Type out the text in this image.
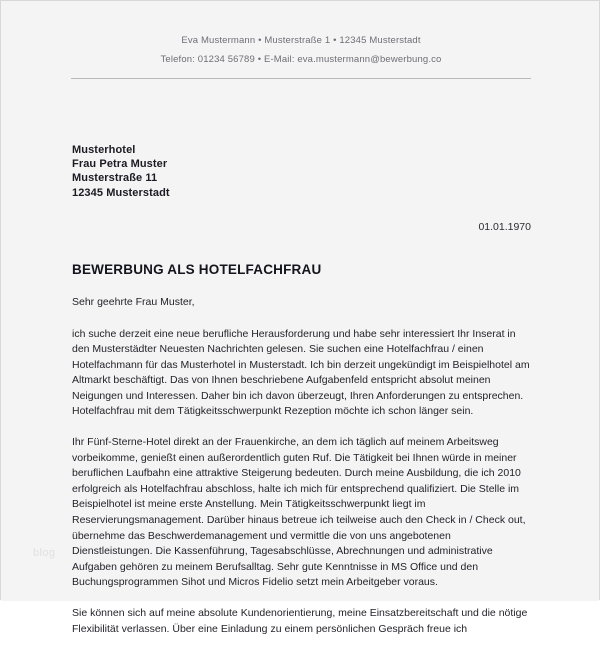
Eva Mustermann • Musterstraße 1 • 12345 Musterstadt
Telefon: 01234 56789 • E-Mail: eva.mustermann@bewerbung.co
Musterhotel
Frau Petra Muster
Musterstraße 11
12345 Musterstadt
01.01.1970
BEWERBUNG ALS HOTELFACHFRAU

Sehr geehrte Frau Muster,

ich suche derzeit eine neue berufliche Herausforderung und habe sehr interessiert Ihr Inserat in den Musterstädter Neuesten Nachrichten gelesen. Sie suchen eine Hotelfachfrau / einen Hotelfachmann für das Musterhotel in Musterstadt. Ich bin derzeit ungekündigt im Beispielhotel am Altmarkt beschäftigt. Das von Ihnen beschriebene Aufgabenfeld entspricht absolut meinen Neigungen und Interessen. Daher bin ich davon überzeugt, Ihren Anforderungen zu entsprechen. Hotelfachfrau mit dem Tätigkeitsschwerpunkt Rezeption möchte ich schon länger sein.

Ihr Fünf-Sterne-Hotel direkt an der Frauenkirche, an dem ich täglich auf meinem Arbeitsweg vorbeikomme, genießt einen außerordentlich guten Ruf. Die Tätigkeit bei Ihnen würde in meiner beruflichen Laufbahn eine attraktive Steigerung bedeuten. Durch meine Ausbildung, die ich 2010 erfolgreich als Hotelfachfrau abschloss, halte ich mich für entsprechend qualifiziert. Die Stelle im Beispielhotel ist meine erste Anstellung. Mein Tätigkeitsschwerpunkt liegt im Reservierungsmanagement. Darüber hinaus betreue ich teilweise auch den Check in / Check out, übernehme das Beschwerdemanagement und vermittle die von uns angebotenen Dienstleistungen. Die Kassenführung, Tagesabschlüsse, Abrechnungen und administrative Aufgaben gehören zu meinem Berufsalltag. Sehr gute Kenntnisse in MS Office und den Buchungsprogrammen Sihot und Micros Fidelio setzt mein Arbeitgeber voraus.

Sie können sich auf meine absolute Kundenorientierung, meine Einsatzbereitschaft und die nötige Flexibilität verlassen. Über eine Einladung zu einem persönlichen Gespräch freue ich

blog
